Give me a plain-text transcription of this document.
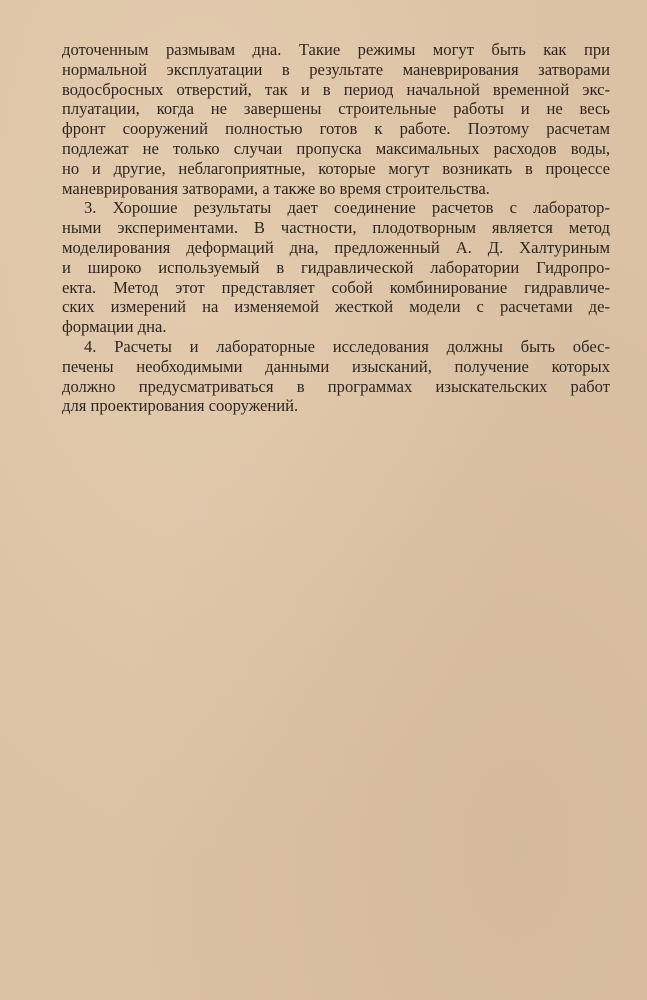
доточенным размывам дна. Такие режимы могут быть как при
нормальной эксплуатации в результате маневрирования затворами
водосбросных отверстий, так и в период начальной временной экс-
плуатации, когда не завершены строительные работы и не весь
фронт сооружений полностью готов к работе. Поэтому расчетам
подлежат не только случаи пропуска максимальных расходов воды,
но и другие, неблагоприятные, которые могут возникать в процессе
маневрирования затворами, а также во время строительства.
3. Хорошие результаты дает соединение расчетов с лаборатор-
ными экспериментами. В частности, плодотворным является метод
моделирования деформаций дна, предложенный А. Д. Халтуриным
и широко используемый в гидравлической лаборатории Гидропро-
екта. Метод этот представляет собой комбинирование гидравличе-
ских измерений на изменяемой жесткой модели с расчетами де-
формации дна.
4. Расчеты и лабораторные исследования должны быть обес-
печены необходимыми данными изысканий, получение которых
должно предусматриваться в программах изыскательских работ
для проектирования сооружений.
